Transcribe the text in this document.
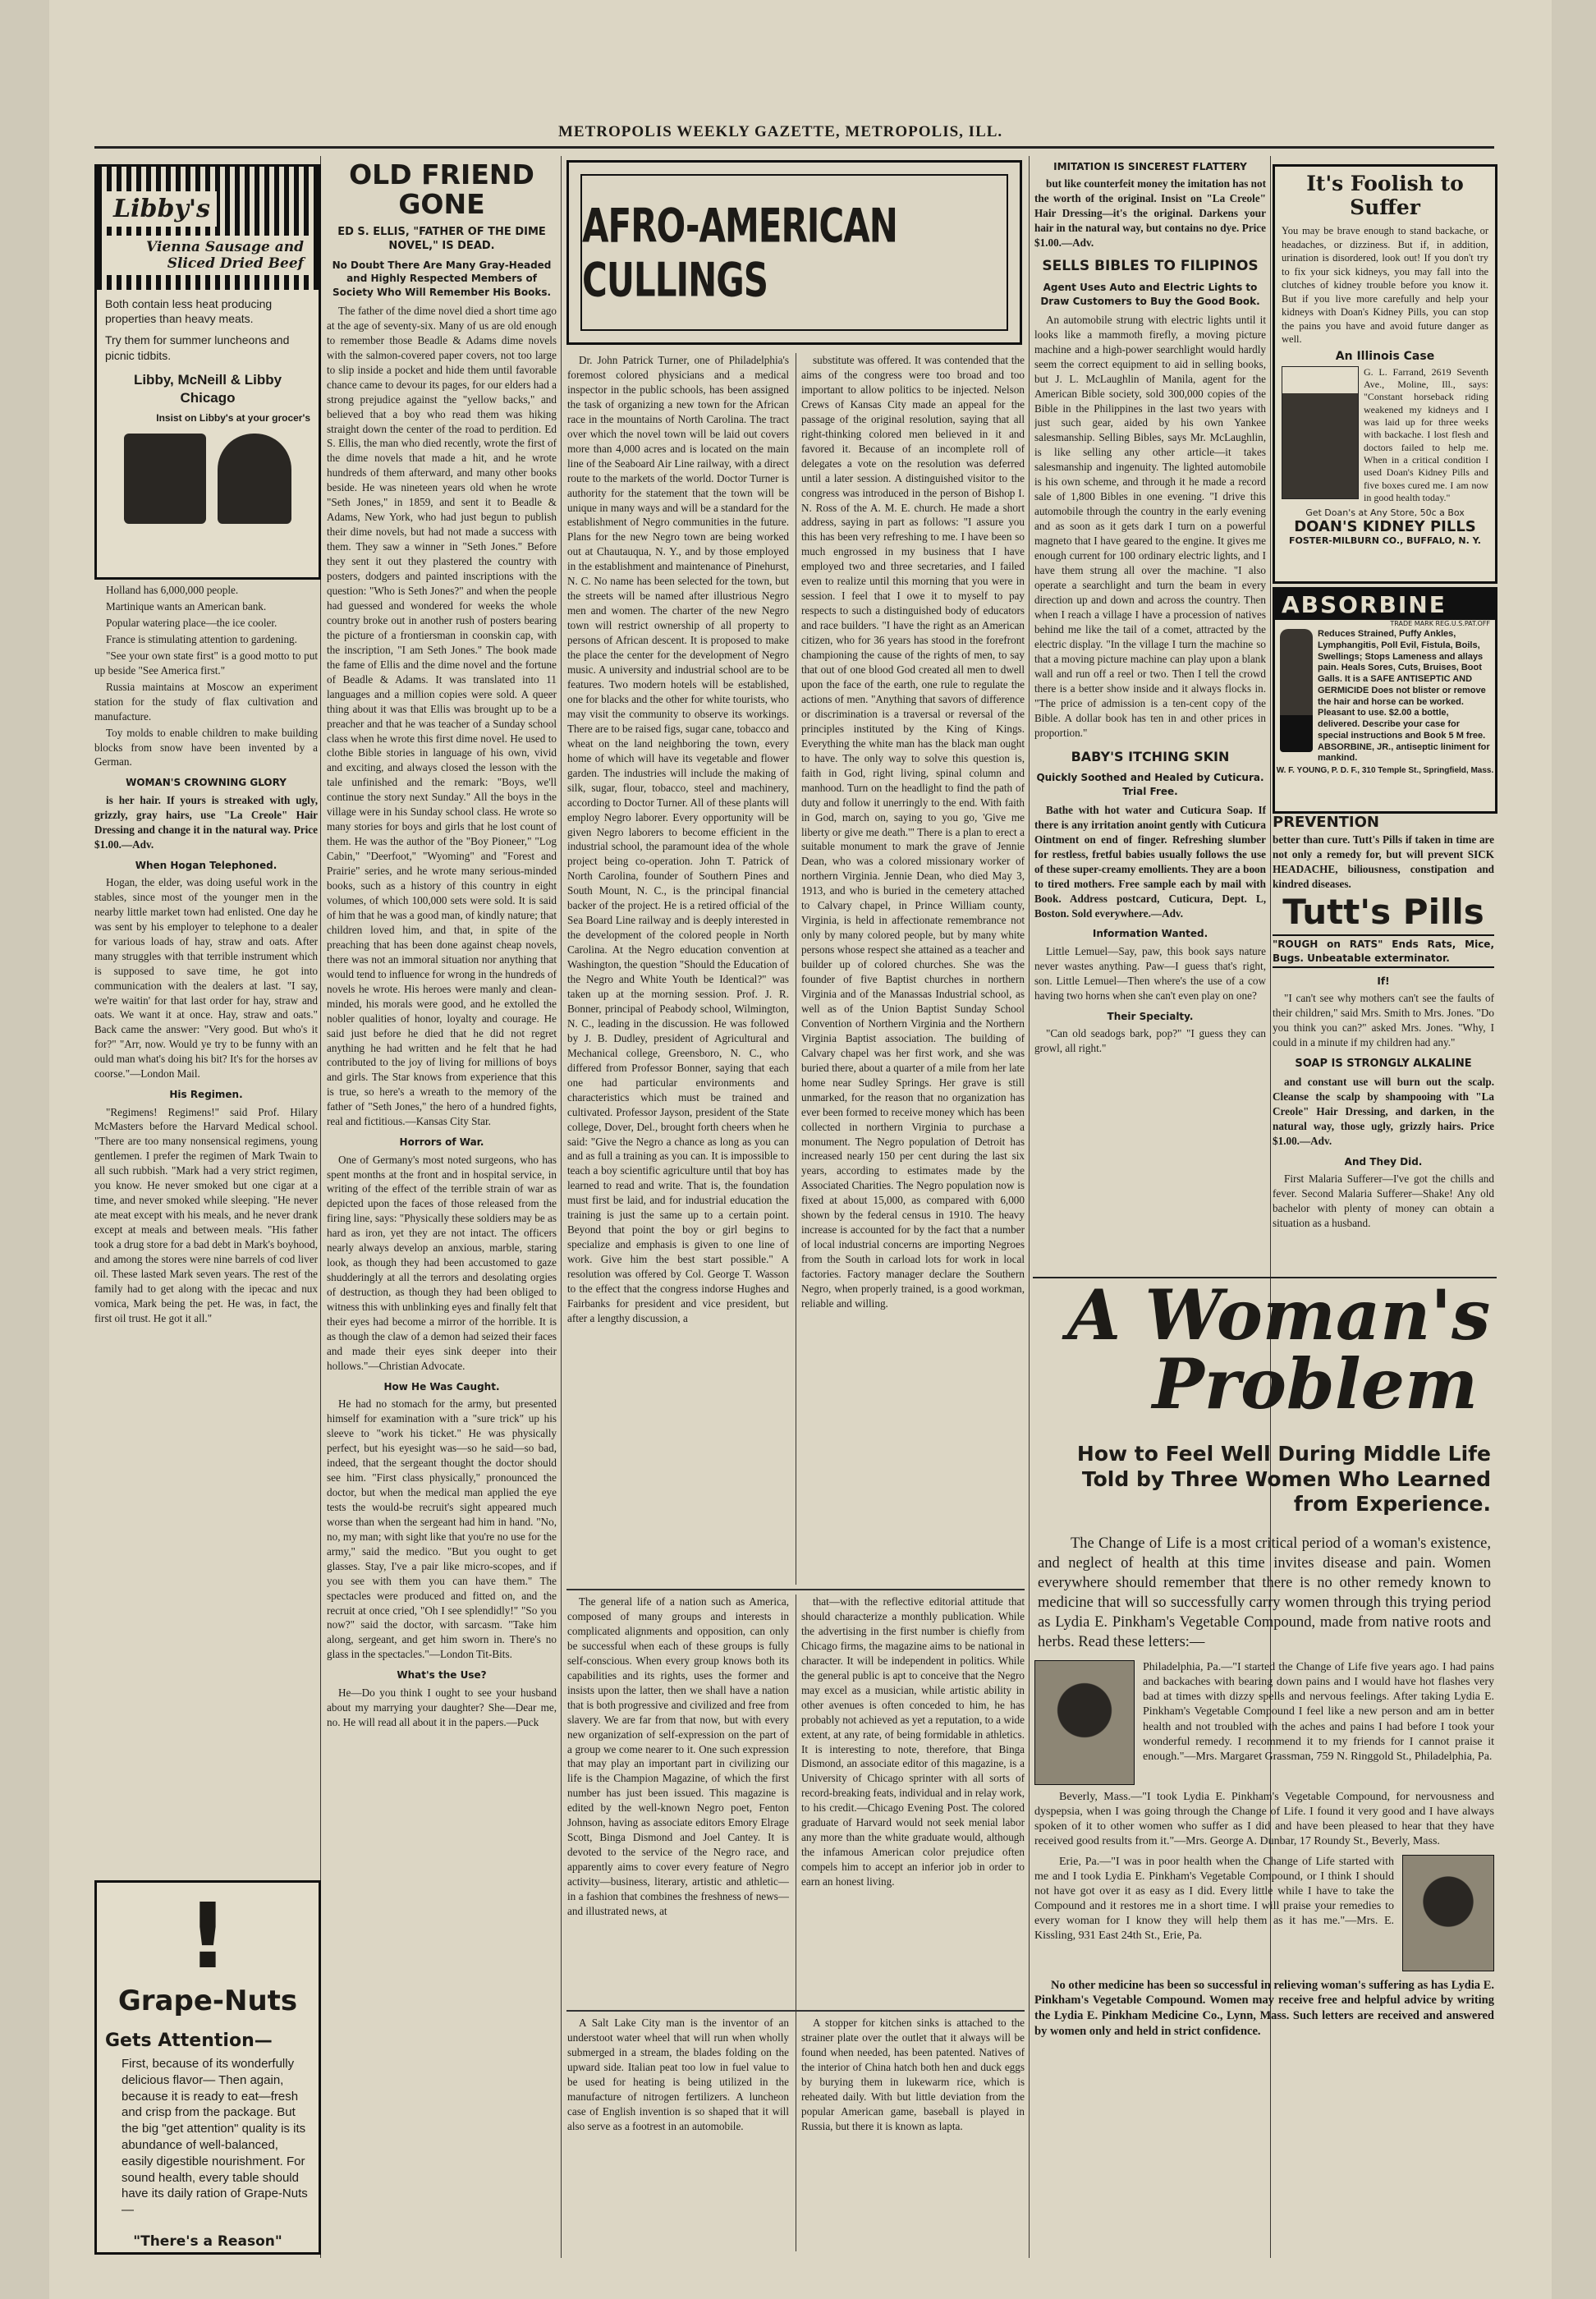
METROPOLIS WEEKLY GAZETTE, METROPOLIS, ILL.
Libby's
Vienna Sausage and Sliced Dried Beef
Both contain less heat producing properties than heavy meats.
Try them for summer luncheons and picnic tidbits.
Libby, McNeill & Libby Chicago
Insist on Libby's at your grocer's

Holland has 6,000,000 people.

Martinique wants an American bank.

Popular watering place—the ice cooler.

France is stimulating attention to gardening.

"See your own state first" is a good motto to put up beside "See America first."

Russia maintains at Moscow an experiment station for the study of flax cultivation and manufacture.

Toy molds to enable children to make building blocks from snow have been invented by a German.

WOMAN'S CROWNING GLORY

is her hair. If yours is streaked with ugly, grizzly, gray hairs, use "La Creole" Hair Dressing and change it in the natural way. Price $1.00.—Adv.

When Hogan Telephoned.

Hogan, the elder, was doing useful work in the stables, since most of the younger men in the nearby little market town had enlisted. One day he was sent by his employer to telephone to a dealer for various loads of hay, straw and oats. After many struggles with that terrible instrument which is supposed to save time, he got into communication with the dealers at last. "I say, we're waitin' for that last order for hay, straw and oats. We want it at once. Hay, straw and oats." Back came the answer: "Very good. But who's it for?" "Arr, now. Would ye try to be funny with an ould man what's doing his bit? It's for the horses av coorse."—London Mail.

His Regimen.

"Regimens! Regimens!" said Prof. Hilary McMasters before the Harvard Medical school. "There are too many nonsensical regimens, young gentlemen. I prefer the regimen of Mark Twain to all such rubbish. "Mark had a very strict regimen, you know. He never smoked but one cigar at a time, and never smoked while sleeping. "He never ate meat except with his meals, and he never drank except at meals and between meals. "His father took a drug store for a bad debt in Mark's boyhood, and among the stores were nine barrels of cod liver oil. These lasted Mark seven years. The rest of the family had to get along with the ipecac and nux vomica, Mark being the pet. He was, in fact, the first oil trust. He got it all."

!
Grape-Nuts
Gets Attention—
First, because of its wonderfully delicious flavor— Then again, because it is ready to eat—fresh and crisp from the package. But the big "get attention" quality is its abundance of well-balanced, easily digestible nourishment. For sound health, every table should have its daily ration of Grape-Nuts—
"There's a Reason"
OLD FRIEND GONE
ED S. ELLIS, "FATHER OF THE DIME NOVEL," IS DEAD.
No Doubt There Are Many Gray-Headed and Highly Respected Members of Society Who Will Remember His Books.

The father of the dime novel died a short time ago at the age of seventy-six. Many of us are old enough to remember those Beadle & Adams dime novels with the salmon-covered paper covers, not too large to slip inside a pocket and hide them until favorable chance came to devour its pages, for our elders had a strong prejudice against the "yellow backs," and believed that a boy who read them was hiking straight down the center of the road to perdition. Ed S. Ellis, the man who died recently, wrote the first of the dime novels that made a hit, and he wrote hundreds of them afterward, and many other books beside. He was nineteen years old when he wrote "Seth Jones," in 1859, and sent it to Beadle & Adams, New York, who had just begun to publish their dime novels, but had not made a success with them. They saw a winner in "Seth Jones." Before they sent it out they plastered the country with posters, dodgers and painted inscriptions with the question: "Who is Seth Jones?" and when the people had guessed and wondered for weeks the whole country broke out in another rush of posters bearing the picture of a frontiersman in coonskin cap, with the inscription, "I am Seth Jones." The book made the fame of Ellis and the dime novel and the fortune of Beadle & Adams. It was translated into 11 languages and a million copies were sold. A queer thing about it was that Ellis was brought up to be a preacher and that he was teacher of a Sunday school class when he wrote this first dime novel. He used to clothe Bible stories in language of his own, vivid and exciting, and always closed the lesson with the tale unfinished and the remark: "Boys, we'll continue the story next Sunday." All the boys in the village were in his Sunday school class. He wrote so many stories for boys and girls that he lost count of them. He was the author of the "Boy Pioneer," "Log Cabin," "Deerfoot," "Wyoming" and "Forest and Prairie" series, and he wrote many serious-minded books, such as a history of this country in eight volumes, of which 100,000 sets were sold. It is said of him that he was a good man, of kindly nature; that children loved him, and that, in spite of the preaching that has been done against cheap novels, there was not an immoral situation nor anything that would tend to influence for wrong in the hundreds of novels he wrote. His heroes were manly and clean-minded, his morals were good, and he extolled the nobler qualities of honor, loyalty and courage. He said just before he died that he did not regret anything he had written and he felt that he had contributed to the joy of living for millions of boys and girls. The Star knows from experience that this is true, so here's a wreath to the memory of the father of "Seth Jones," the hero of a hundred fights, real and fictitious.—Kansas City Star.

Horrors of War.

One of Germany's most noted surgeons, who has spent months at the front and in hospital service, in writing of the effect of the terrible strain of war as depicted upon the faces of those released from the firing line, says: "Physically these soldiers may be as hard as iron, yet they are not intact. The officers nearly always develop an anxious, marble, staring look, as though they had been accustomed to gaze shudderingly at all the terrors and desolating orgies of destruction, as though they had been obliged to witness this with unblinking eyes and finally felt that their eyes had become a mirror of the horrible. It is as though the claw of a demon had seized their faces and made their eyes sink deeper into their hollows."—Christian Advocate.

How He Was Caught.

He had no stomach for the army, but presented himself for examination with a "sure trick" up his sleeve to "work his ticket." He was physically perfect, but his eyesight was—so he said—so bad, indeed, that the sergeant thought the doctor should see him. "First class physically," pronounced the doctor, but when the medical man applied the eye tests the would-be recruit's sight appeared much worse than when the sergeant had him in hand. "No, no, my man; with sight like that you're no use for the army," said the medico. "But you ought to get glasses. Stay, I've a pair like micro-scopes, and if you see with them you can have them." The spectacles were produced and fitted on, and the recruit at once cried, "Oh I see splendidly!" "So you now?" said the doctor, with sarcasm. "Take him along, sergeant, and get him sworn in. There's no glass in the spectacles."—London Tit-Bits.

What's the Use?

He—Do you think I ought to see your husband about my marrying your daughter? She—Dear me, no. He will read all about it in the papers.—Puck

AFRO-AMERICAN CULLINGS

Dr. John Patrick Turner, one of Philadelphia's foremost colored physicians and a medical inspector in the public schools, has been assigned the task of organizing a new town for the African race in the mountains of North Carolina. The tract over which the novel town will be laid out covers more than 4,000 acres and is located on the main line of the Seaboard Air Line railway, with a direct route to the markets of the world. Doctor Turner is authority for the statement that the town will be unique in many ways and will be a standard for the establishment of Negro communities in the future. Plans for the new Negro town are being worked out at Chautauqua, N. Y., and by those employed in the establishment and maintenance of Pinehurst, N. C. No name has been selected for the town, but the streets will be named after illustrious Negro men and women. The charter of the new Negro town will restrict ownership of all property to persons of African descent. It is proposed to make the place the center for the development of Negro music. A university and industrial school are to be features. Two modern hotels will be established, one for blacks and the other for white tourists, who may visit the community to observe its workings. There are to be raised figs, sugar cane, tobacco and wheat on the land neighboring the town, every home of which will have its vegetable and flower garden. The industries will include the making of silk, sugar, flour, tobacco, steel and machinery, according to Doctor Turner. All of these plants will employ Negro laborer. Every opportunity will be given Negro laborers to become efficient in the industrial school, the paramount idea of the whole project being co-operation. John T. Patrick of North Carolina, founder of Southern Pines and South Mount, N. C., is the principal financial backer of the project. He is a retired official of the Sea Board Line railway and is deeply interested in the development of the colored people in North Carolina. At the Negro education convention at Washington, the question "Should the Education of the Negro and White Youth be Identical?" was taken up at the morning session. Prof. J. R. Bonner, principal of Peabody school, Wilmington, N. C., leading in the discussion. He was followed by J. B. Dudley, president of Agricultural and Mechanical college, Greensboro, N. C., who differed from Professor Bonner, saying that each one had particular environments and characteristics which must be trained and cultivated. Professor Jayson, president of the State college, Dover, Del., brought forth cheers when he said: "Give the Negro a chance as long as you can and as full a training as you can. It is impossible to teach a boy scientific agriculture until that boy has learned to read and write. That is, the foundation must first be laid, and for industrial education the training is just the same up to a certain point. Beyond that point the boy or girl begins to specialize and emphasis is given to one line of work. Give him the best start possible." A resolution was offered by Col. George T. Wasson to the effect that the congress indorse Hughes and Fairbanks for president and vice president, but after a lengthy discussion, a

substitute was offered. It was contended that the aims of the congress were too broad and too important to allow politics to be injected. Nelson Crews of Kansas City made an appeal for the passage of the original resolution, saying that all right-thinking colored men believed in it and favored it. Because of an incomplete roll of delegates a vote on the resolution was deferred until a later session. A distinguished visitor to the congress was introduced in the person of Bishop I. N. Ross of the A. M. E. church. He made a short address, saying in part as follows: "I assure you this has been very refreshing to me. I have been so much engrossed in my business that I have employed two and three secretaries, and I failed even to realize until this morning that you were in session. I feel that I owe it to myself to pay respects to such a distinguished body of educators and race builders. "I have the right as an American citizen, who for 36 years has stood in the forefront championing the cause of the rights of men, to say that out of one blood God created all men to dwell upon the face of the earth, one rule to regulate the actions of men. "Anything that savors of difference or discrimination is a traversal or reversal of the principles instituted by the King of Kings. Everything the white man has the black man ought to have. The only way to solve this question is, faith in God, right living, spinal column and manhood. Turn on the headlight to find the path of duty and follow it unerringly to the end. With faith in God, march on, saying to you go, 'Give me liberty or give me death.'" There is a plan to erect a suitable monument to mark the grave of Jennie Dean, who was a colored missionary worker of northern Virginia. Jennie Dean, who died May 3, 1913, and who is buried in the cemetery attached to Calvary chapel, in Prince William county, Virginia, is held in affectionate remembrance not only by many colored people, but by many white persons whose respect she attained as a teacher and builder up of colored churches. She was the founder of five Baptist churches in northern Virginia and of the Manassas Industrial school, as well as of the Union Baptist Sunday School Convention of Northern Virginia and the Northern Virginia Baptist association. The building of Calvary chapel was her first work, and she was buried there, about a quarter of a mile from her late home near Sudley Springs. Her grave is still unmarked, for the reason that no organization has ever been formed to receive money which has been collected in northern Virginia to purchase a monument. The Negro population of Detroit has increased nearly 150 per cent during the last six years, according to estimates made by the Associated Charities. The Negro population now is fixed at about 15,000, as compared with 6,000 shown by the federal census in 1910. The heavy increase is accounted for by the fact that a number of local industrial concerns are importing Negroes from the South in carload lots for work in local factories. Factory manager declare the Southern Negro, when properly trained, is a good workman, reliable and willing.

The general life of a nation such as America, composed of many groups and interests in complicated alignments and opposition, can only be successful when each of these groups is fully self-conscious. When every group knows both its capabilities and its rights, uses the former and insists upon the latter, then we shall have a nation that is both progressive and civilized and free from slavery. We are far from that now, but with every new organization of self-expression on the part of a group we come nearer to it. One such expression that may play an important part in civilizing our life is the Champion Magazine, of which the first number has just been issued. This magazine is edited by the well-known Negro poet, Fenton Johnson, having as associate editors Emory Elrage Scott, Binga Dismond and Joel Cantey. It is devoted to the service of the Negro race, and apparently aims to cover every feature of Negro activity—business, literary, artistic and athletic—in a fashion that combines the freshness of news—and illustrated news, at

that—with the reflective editorial attitude that should characterize a monthly publication. While the advertising in the first number is chiefly from Chicago firms, the magazine aims to be national in character. It will be independent in politics. While the general public is apt to conceive that the Negro may excel as a musician, while artistic ability in other avenues is often conceded to him, he has probably not achieved as yet a reputation, to a wide extent, at any rate, of being formidable in athletics. It is interesting to note, therefore, that Binga Dismond, an associate editor of this magazine, is a University of Chicago sprinter with all sorts of record-breaking feats, individual and in relay work, to his credit.—Chicago Evening Post. The colored graduate of Harvard would not seek menial labor any more than the white graduate would, although the infamous American color prejudice often compels him to accept an inferior job in order to earn an honest living.

A Salt Lake City man is the inventor of an understoot water wheel that will run when wholly submerged in a stream, the blades folding on the upward side. Italian peat too low in fuel value to be used for heating is being utilized in the manufacture of nitrogen fertilizers. A luncheon case of English invention is so shaped that it will also serve as a footrest in an automobile.

A stopper for kitchen sinks is attached to the strainer plate over the outlet that it always will be found when needed, has been patented. Natives of the interior of China hatch both hen and duck eggs by burying them in lukewarm rice, which is reheated daily. With but little deviation from the popular American game, baseball is played in Russia, but there it is known as lapta.

IMITATION IS SINCEREST FLATTERY

but like counterfeit money the imitation has not the worth of the original. Insist on "La Creole" Hair Dressing—it's the original. Darkens your hair in the natural way, but contains no dye. Price $1.00.—Adv.

SELLS BIBLES TO FILIPINOS
Agent Uses Auto and Electric Lights to Draw Customers to Buy the Good Book.

An automobile strung with electric lights until it looks like a mammoth firefly, a moving picture machine and a high-power searchlight would hardly seem the correct equipment to aid in selling books, but J. L. McLaughlin of Manila, agent for the American Bible society, sold 300,000 copies of the Bible in the Philippines in the last two years with just such gear, aided by his own Yankee salesmanship. Selling Bibles, says Mr. McLaughlin, is like selling any other article—it takes salesmanship and ingenuity. The lighted automobile is his own scheme, and through it he made a record sale of 1,800 Bibles in one evening. "I drive this automobile through the country in the early evening and as soon as it gets dark I turn on a powerful magneto that I have geared to the engine. It gives me enough current for 100 ordinary electric lights, and I have them strung all over the machine. "I also operate a searchlight and turn the beam in every direction up and down and across the country. Then when I reach a village I have a procession of natives behind me like the tail of a comet, attracted by the electric display. "In the village I turn the machine so that a moving picture machine can play upon a blank wall and run off a reel or two. Then I tell the crowd there is a better show inside and it always flocks in. "The price of admission is a ten-cent copy of the Bible. A dollar book has ten in and other prices in proportion."

BABY'S ITCHING SKIN
Quickly Soothed and Healed by Cuticura. Trial Free.

Bathe with hot water and Cuticura Soap. If there is any irritation anoint gently with Cuticura Ointment on end of finger. Refreshing slumber for restless, fretful babies usually follows the use of these super-creamy emollients. They are a boon to tired mothers. Free sample each by mail with Book. Address postcard, Cuticura, Dept. L, Boston. Sold everywhere.—Adv.

Information Wanted.

Little Lemuel—Say, paw, this book says nature never wastes anything. Paw—I guess that's right, son. Little Lemuel—Then where's the use of a cow having two horns when she can't even play on one?

Their Specialty.

"Can old seadogs bark, pop?" "I guess they can growl, all right."

It's Foolish to Suffer
You may be brave enough to stand backache, or headaches, or dizziness. But if, in addition, urination is disordered, look out! If you don't try to fix your sick kidneys, you may fall into the clutches of kidney trouble before you know it. But if you live more carefully and help your kidneys with Doan's Kidney Pills, you can stop the pains you have and avoid future danger as well.
An Illinois Case
G. L. Farrand, 2619 Seventh Ave., Moline, Ill., says: "Constant horseback riding weakened my kidneys and I was laid up for three weeks with backache. I lost flesh and doctors failed to help me. When in a critical condition I used Doan's Kidney Pills and five boxes cured me. I am now in good health today."
Get Doan's at Any Store, 50c a Box
DOAN'S KIDNEY PILLS
FOSTER-MILBURN CO., BUFFALO, N. Y.
ABSORBINE
TRADE MARK REG.U.S.PAT.OFF
Reduces Strained, Puffy Ankles, Lymphangitis, Poll Evil, Fistula, Boils, Swellings; Stops Lameness and allays pain. Heals Sores, Cuts, Bruises, Boot Galls. It is a SAFE ANTISEPTIC AND GERMICIDE Does not blister or remove the hair and horse can be worked. Pleasant to use. $2.00 a bottle, delivered. Describe your case for special instructions and Book 5 M free. ABSORBINE, JR., antiseptic liniment for mankind.
W. F. YOUNG, P. D. F., 310 Temple St., Springfield, Mass.
PREVENTION

better than cure. Tutt's Pills if taken in time are not only a remedy for, but will prevent SICK HEADACHE, biliousness, constipation and kindred diseases.

Tutt's Pills
"ROUGH on RATS" Ends Rats, Mice, Bugs. Unbeatable exterminator.
If!

"I can't see why mothers can't see the faults of their children," said Mrs. Smith to Mrs. Jones. "Do you think you can?" asked Mrs. Jones. "Why, I could in a minute if my children had any."

SOAP IS STRONGLY ALKALINE

and constant use will burn out the scalp. Cleanse the scalp by shampooing with "La Creole" Hair Dressing, and darken, in the natural way, those ugly, grizzly hairs. Price $1.00.—Adv.

And They Did.

First Malaria Sufferer—I've got the chills and fever. Second Malaria Sufferer—Shake! Any old bachelor with plenty of money can obtain a situation as a husband.

A Woman's
Problem
How to Feel Well During Middle Life Told by Three Women Who Learned from Experience.
The Change of Life is a most critical period of a woman's existence, and neglect of health at this time invites disease and pain. Women everywhere should remember that there is no other remedy known to medicine that will so successfully carry women through this trying period as Lydia E. Pinkham's Vegetable Compound, made from native roots and herbs. Read these letters:—
Philadelphia, Pa.—"I started the Change of Life five years ago. I had pains and backaches with bearing down pains and I would have hot flashes very bad at times with dizzy spells and nervous feelings. After taking Lydia E. Pinkham's Vegetable Compound I feel like a new person and am in better health and not troubled with the aches and pains I had before I took your wonderful remedy. I recommend it to my friends for I cannot praise it enough."—Mrs. Margaret Grassman, 759 N. Ringgold St., Philadelphia, Pa.
Beverly, Mass.—"I took Lydia E. Pinkham's Vegetable Compound, for nervousness and dyspepsia, when I was going through the Change of Life. I found it very good and I have always spoken of it to other women who suffer as I did and have been pleased to hear that they have received good results from it."—Mrs. George A. Dunbar, 17 Roundy St., Beverly, Mass.
Erie, Pa.—"I was in poor health when the Change of Life started with me and I took Lydia E. Pinkham's Vegetable Compound, or I think I should not have got over it as easy as I did. Every little while I have to take the Compound and it restores me in a short time. I will praise your remedies to every woman for I know they will help them as it has me."—Mrs. E. Kissling, 931 East 24th St., Erie, Pa.
No other medicine has been so successful in relieving woman's suffering as has Lydia E. Pinkham's Vegetable Compound. Women may receive free and helpful advice by writing the Lydia E. Pinkham Medicine Co., Lynn, Mass. Such letters are received and answered by women only and held in strict confidence.
